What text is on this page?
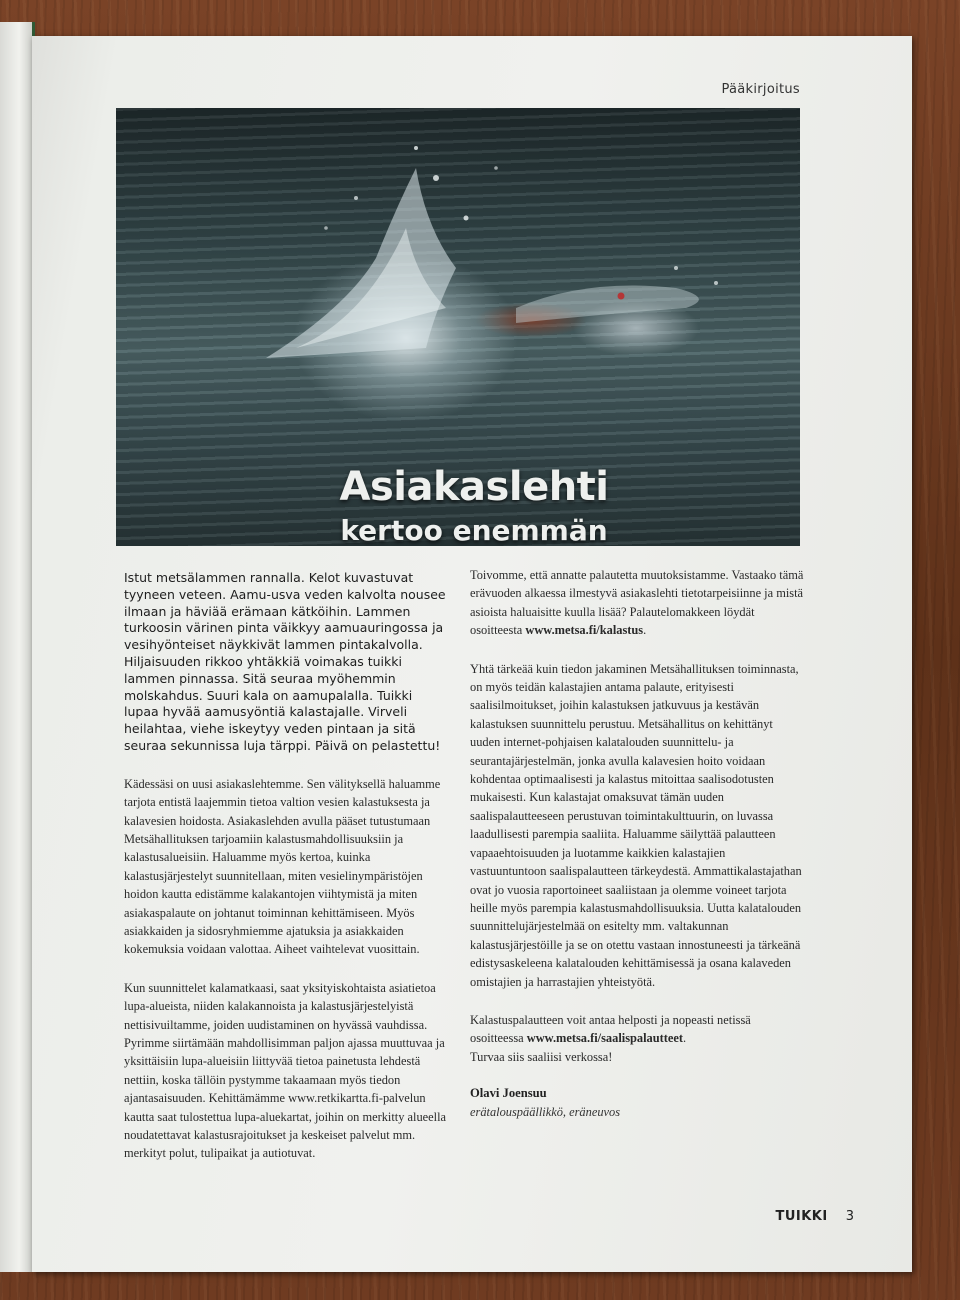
Pääkirjoitus
Asiakaslehti
kertoo enemmän

Istut metsälammen rannalla. Kelot kuvastuvat tyyneen veteen. Aamu-usva veden kalvolta nousee ilmaan ja häviää erämaan kätköihin. Lammen turkoosin värinen pinta väikkyy aamuauringossa ja vesihyönteiset näykkivät lammen pintakalvolla. Hiljaisuuden rikkoo yhtäkkiä voimakas tuikki lammen pinnassa. Sitä seuraa myöhemmin molskahdus. Suuri kala on aamupalalla. Tuikki lupaa hyvää aamusyöntiä kalastajalle. Virveli heilahtaa, viehe iskeytyy veden pintaan ja sitä seuraa sekunnissa luja tärppi. Päivä on pelastettu!

Kädessäsi on uusi asiakaslehtemme. Sen välityksellä haluamme tarjota entistä laajemmin tietoa valtion vesien kalastuksesta ja kalavesien hoidosta. Asiakaslehden avulla pääset tutustumaan Metsähallituksen tarjoamiin kalastusmahdollisuuksiin ja kalastusalueisiin. Haluamme myös kertoa, kuinka kalastusjärjestelyt suunnitellaan, miten vesielinympäristöjen hoidon kautta edistämme kalakantojen viihtymistä ja miten asiakaspalaute on johtanut toiminnan kehittämiseen. Myös asiakkaiden ja sidosryhmiemme ajatuksia ja asiakkaiden kokemuksia voidaan valottaa. Aiheet vaihtelevat vuosittain.

Kun suunnittelet kalamatkaasi, saat yksityiskohtaista asiatietoa lupa-alueista, niiden kalakannoista ja kalastusjärjestelyistä nettisivuiltamme, joiden uudistaminen on hyvässä vauhdissa. Pyrimme siirtämään mahdollisimman paljon ajassa muuttuvaa ja yksittäisiin lupa-alueisiin liittyvää tietoa painetusta lehdestä nettiin, koska tällöin pystymme takaamaan myös tiedon ajantasaisuuden. Kehittämämme www.retkikartta.fi-palvelun kautta saat tulostettua lupa-aluekartat, joihin on merkitty alueella noudatettavat kalastusrajoitukset ja keskeiset palvelut mm. merkityt polut, tulipaikat ja autiotuvat.

Toivomme, että annatte palautetta muutoksistamme. Vastaako tämä erävuoden alkaessa ilmestyvä asiakaslehti tietotarpeisiinne ja mistä asioista haluaisitte kuulla lisää? Palautelomakkeen löydät osoitteesta www.metsa.fi/kalastus.

Yhtä tärkeää kuin tiedon jakaminen Metsähallituksen toiminnasta, on myös teidän kalastajien antama palaute, erityisesti saalisilmoitukset, joihin kalastuksen jatkuvuus ja kestävän kalastuksen suunnittelu perustuu. Metsähallitus on kehittänyt uuden internet-pohjaisen kalatalouden suunnittelu- ja seurantajärjestelmän, jonka avulla kalavesien hoito voidaan kohdentaa optimaalisesti ja kalastus mitoittaa saalisodotusten mukaisesti. Kun kalastajat omaksuvat tämän uuden saalispalautteeseen perustuvan toimintakulttuurin, on luvassa laadullisesti parempia saaliita. Haluamme säilyttää palautteen vapaaehtoisuuden ja luotamme kaikkien kalastajien vastuuntuntoon saalispalautteen tärkeydestä. Ammattikalastajathan ovat jo vuosia raportoineet saaliistaan ja olemme voineet tarjota heille myös parempia kalastusmahdollisuuksia. Uutta kalatalouden suunnittelujärjestelmää on esitelty mm. valtakunnan kalastusjärjestöille ja se on otettu vastaan innostuneesti ja tärkeänä edistysaskeleena kalatalouden kehittämisessä ja osana kalaveden omistajien ja harrastajien yhteistyötä.

Kalastuspalautteen voit antaa helposti ja nopeasti netissä osoitteessa www.metsa.fi/saalispalautteet.
Turvaa siis saaliisi verkossa!

Olavi Joensuu

erätalouspäällikkö, eräneuvos

TUIKKI 3
